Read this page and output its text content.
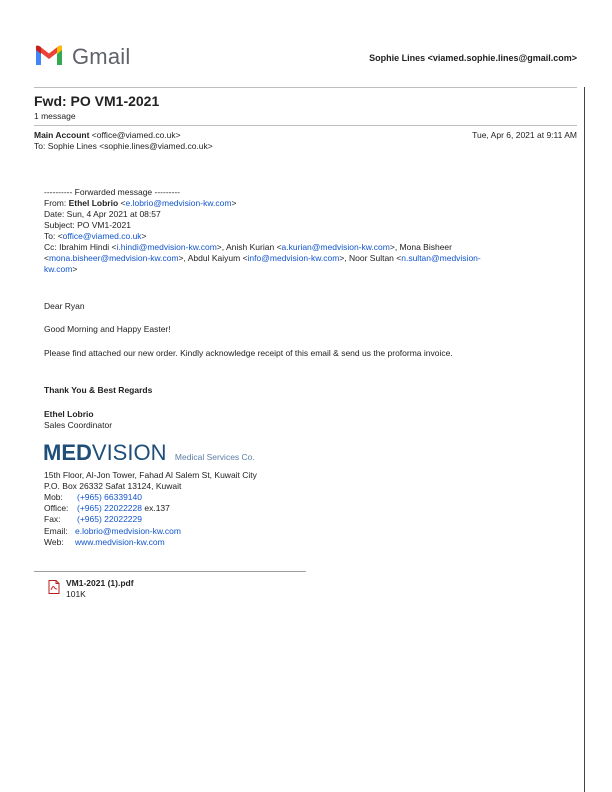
Gmail	Sophie Lines <viamed.sophie.lines@gmail.com>
Fwd: PO VM1-2021
1 message
Main Account <office@viamed.co.uk>	Tue, Apr 6, 2021 at 9:11 AM
To: Sophie Lines <sophie.lines@viamed.co.uk>
---------- Forwarded message ---------
From: Ethel Lobrio <e.lobrio@medvision-kw.com>
Date: Sun, 4 Apr 2021 at 08:57
Subject: PO VM1-2021
To: <office@viamed.co.uk>
Cc: Ibrahim Hindi <i.hindi@medvision-kw.com>, Anish Kurian <a.kurian@medvision-kw.com>, Mona Bisheer
<mona.bisheer@medvision-kw.com>, Abdul Kaiyum <info@medvision-kw.com>, Noor Sultan <n.sultan@medvision-
kw.com>
Dear Ryan
Good Morning and Happy Easter!
Please find attached our new order. Kindly acknowledge receipt of this email & send us the proforma invoice.
Thank You & Best Regards
Ethel Lobrio
Sales Coordinator
MEDVISION Medical Services Co.
15th Floor, Al-Jon Tower, Fahad Al Salem St, Kuwait City
P.O. Box 26332 Safat 13124, Kuwait
Mob: (+965) 66339140
Office: (+965) 22022228 ex.137
Fax: (+965) 22022229
Email: e.lobrio@medvision-kw.com
Web: www.medvision-kw.com
VM1-2021 (1).pdf
101K
